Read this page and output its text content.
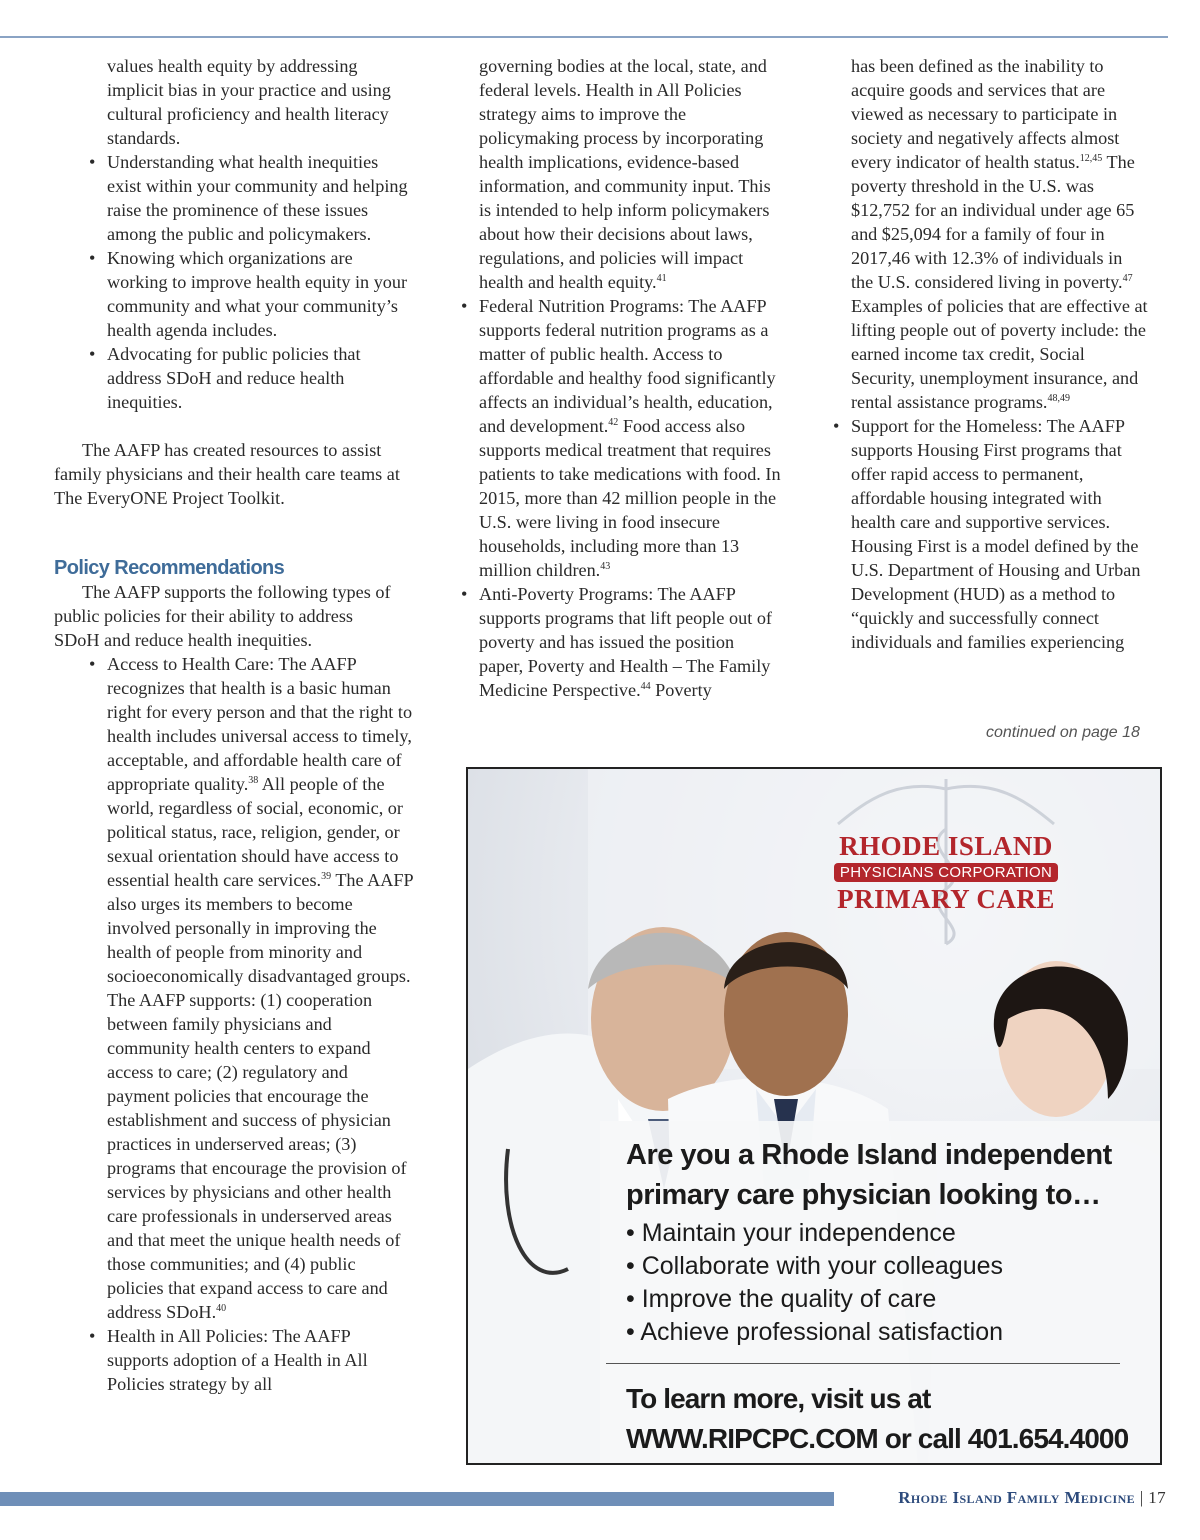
values health equity by addressing implicit bias in your practice and using cultural proficiency and health literacy standards.

• Understanding what health inequities exist within your community and helping raise the prominence of these issues among the public and policymakers.
• Knowing which organizations are working to improve health equity in your community and what your community’s health agenda includes.
• Advocating for public policies that address SDoH and reduce health inequities.

The AAFP has created resources to assist family physicians and their health care teams at The EveryONE Project Toolkit.

Policy Recommendations

The AAFP supports the following types of public policies for their ability to address SDoH and reduce health inequities.

• Access to Health Care: The AAFP recognizes that health is a basic human right for every person and that the right to health includes universal access to timely, acceptable, and affordable health care of appropriate quality.$^{38}$ All people of the world, regardless of social, economic, or political status, race, religion, gender, or sexual orientation should have access to essential health care services.$^{39}$ The AAFP also urges its members to become involved personally in improving the health of people from minority and socioeconomically disadvantaged groups. The AAFP supports: (1) cooperation between family physicians and community health centers to expand access to care; (2) regulatory and payment policies that encourage the establishment and success of physician practices in underserved areas; (3) programs that encourage the provision of services by physicians and other health care professionals in underserved areas and that meet the unique health needs of those communities; and (4) public policies that expand access to care and address SDoH.$^{40}$
• Health in All Policies: The AAFP supports adoption of a Health in All Policies strategy by all

governing bodies at the local, state, and federal levels. Health in All Policies strategy aims to improve the policymaking process by incorporating health implications, evidence-based information, and community input. This is intended to help inform policymakers about how their decisions about laws, regulations, and policies will impact health and health equity.$^{41}$

• Federal Nutrition Programs: The AAFP supports federal nutrition programs as a matter of public health. Access to affordable and healthy food significantly affects an individual’s health, education, and development.$^{42}$ Food access also supports medical treatment that requires patients to take medications with food. In 2015, more than 42 million people in the U.S. were living in food insecure households, including more than 13 million children.$^{43}$
• Anti-Poverty Programs: The AAFP supports programs that lift people out of poverty and has issued the position paper, Poverty and Health – The Family Medicine Perspective.$^{44}$ Poverty

has been defined as the inability to acquire goods and services that are viewed as necessary to participate in society and negatively affects almost every indicator of health status.$^{12,45}$ The poverty threshold in the U.S. was $12,752 for an individual under age 65 and $25,094 for a family of four in 2017,46 with 12.3% of individuals in the U.S. considered living in poverty.$^{47}$ Examples of policies that are effective at lifting people out of poverty include: the earned income tax credit, Social Security, unemployment insurance, and rental assistance programs.$^{48,49}$

• Support for the Homeless: The AAFP supports Housing First programs that offer rapid access to permanent, affordable housing integrated with health care and supportive services. Housing First is a model defined by the U.S. Department of Housing and Urban Development (HUD) as a method to “quickly and successfully connect individuals and families experiencing
continued on page 18
RHODE ISLAND
PHYSICIANS CORPORATION
PRIMARY CARE

Are you a Rhode Island independent primary care physician looking to…

• Maintain your independence
• Collaborate with your colleagues
• Improve the quality of care
• Achieve professional satisfaction
To learn more, visit us at
WWW.RIPCPC.COM or call 401.654.4000
Rhode Island Family Medicine | 17
